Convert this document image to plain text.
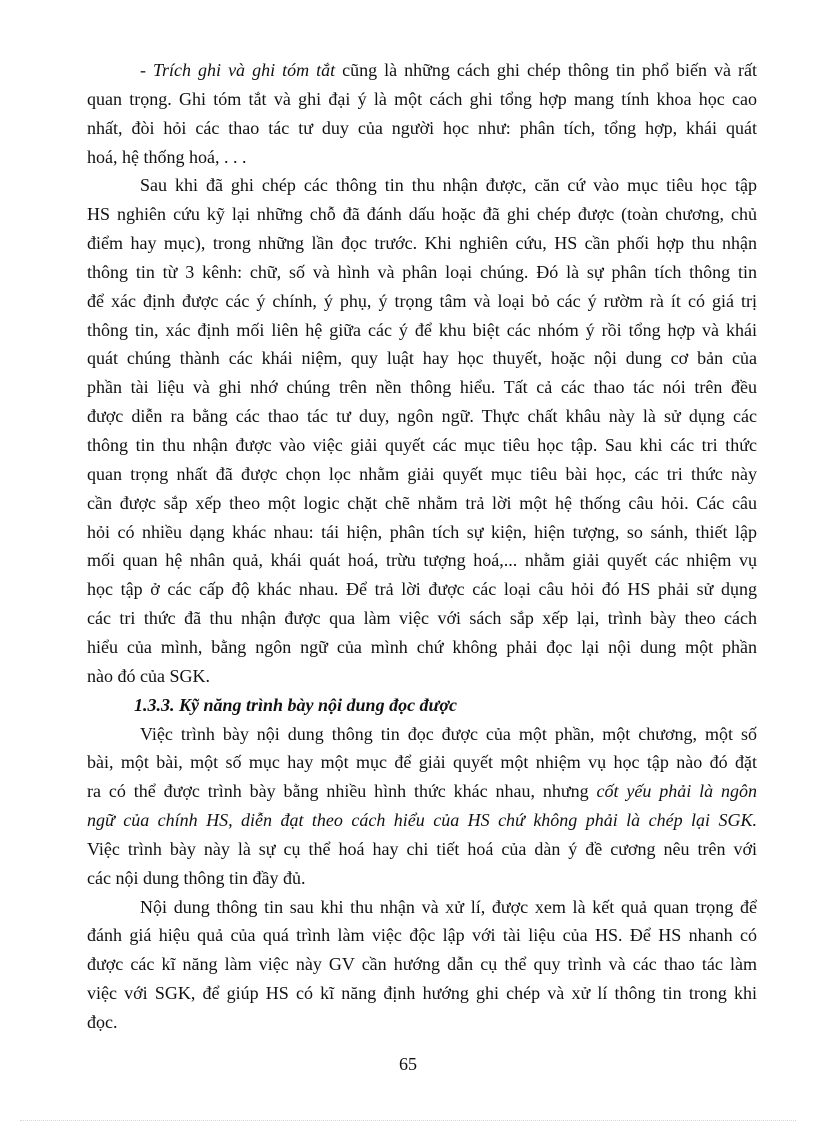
- Trích ghi và ghi tóm tắt cũng là những cách ghi chép thông tin phổ biến và rất
quan trọng. Ghi tóm tắt và ghi đại ý là một cách ghi tổng hợp mang tính khoa học cao
nhất, đòi hỏi các thao tác tư duy của người học như: phân tích, tổng hợp, khái quát
hoá, hệ thống hoá, . . .
Sau khi đã ghi chép các thông tin thu nhận được, căn cứ vào mục tiêu học tập
HS nghiên cứu kỹ lại những chỗ đã đánh dấu hoặc đã ghi chép được (toàn chương, chủ
điểm hay mục), trong những lần đọc trước. Khi nghiên cứu, HS cần phối hợp thu nhận
thông tin từ 3 kênh: chữ, số và hình và phân loại chúng. Đó là sự phân tích thông tin
để xác định được các ý chính, ý phụ, ý trọng tâm và loại bỏ các ý rườm rà ít có giá trị
thông tin, xác định mối liên hệ giữa các ý để khu biệt các nhóm ý rồi tổng hợp và khái
quát chúng thành các khái niệm, quy luật hay học thuyết, hoặc nội dung cơ bản của
phần tài liệu và ghi nhớ chúng trên nền thông hiểu. Tất cả các thao tác nói trên đều
được diễn ra bằng các thao tác tư duy, ngôn ngữ. Thực chất khâu này là sử dụng các
thông tin thu nhận được vào việc giải quyết các mục tiêu học tập. Sau khi các tri thức
quan trọng nhất đã được chọn lọc nhằm giải quyết mục tiêu bài học, các tri thức này
cần được sắp xếp theo một logic chặt chẽ nhằm trả lời một hệ thống câu hỏi. Các câu
hỏi có nhiều dạng khác nhau: tái hiện, phân tích sự kiện, hiện tượng, so sánh, thiết lập
mối quan hệ nhân quả, khái quát hoá, trừu tượng hoá,... nhằm giải quyết các nhiệm vụ
học tập ở các cấp độ khác nhau. Để trả lời được các loại câu hỏi đó HS phải sử dụng
các tri thức đã thu nhận được qua làm việc với sách sắp xếp lại, trình bày theo cách
hiểu của mình, bằng ngôn ngữ của mình chứ không phải đọc lại nội dung một phần
nào đó của SGK.
1.3.3. Kỹ năng trình bày nội dung đọc được
Việc trình bày nội dung thông tin đọc được của một phần, một chương, một số
bài, một bài, một số mục hay một mục để giải quyết một nhiệm vụ học tập nào đó đặt
ra có thể được trình bày bằng nhiều hình thức khác nhau, nhưng cốt yếu phải là ngôn
ngữ của chính HS, diễn đạt theo cách hiểu của HS chứ không phải là chép lại SGK.
Việc trình bày này là sự cụ thể hoá hay chi tiết hoá của dàn ý đề cương nêu trên với
các nội dung thông tin đầy đủ.
Nội dung thông tin sau khi thu nhận và xử lí, được xem là kết quả quan trọng để
đánh giá hiệu quả của quá trình làm việc độc lập với tài liệu của HS. Để HS nhanh có
được các kĩ năng làm việc này GV cần hướng dẫn cụ thể quy trình và các thao tác làm
việc với SGK, để giúp HS có kĩ năng định hướng ghi chép và xử lí thông tin trong khi
đọc.
65
